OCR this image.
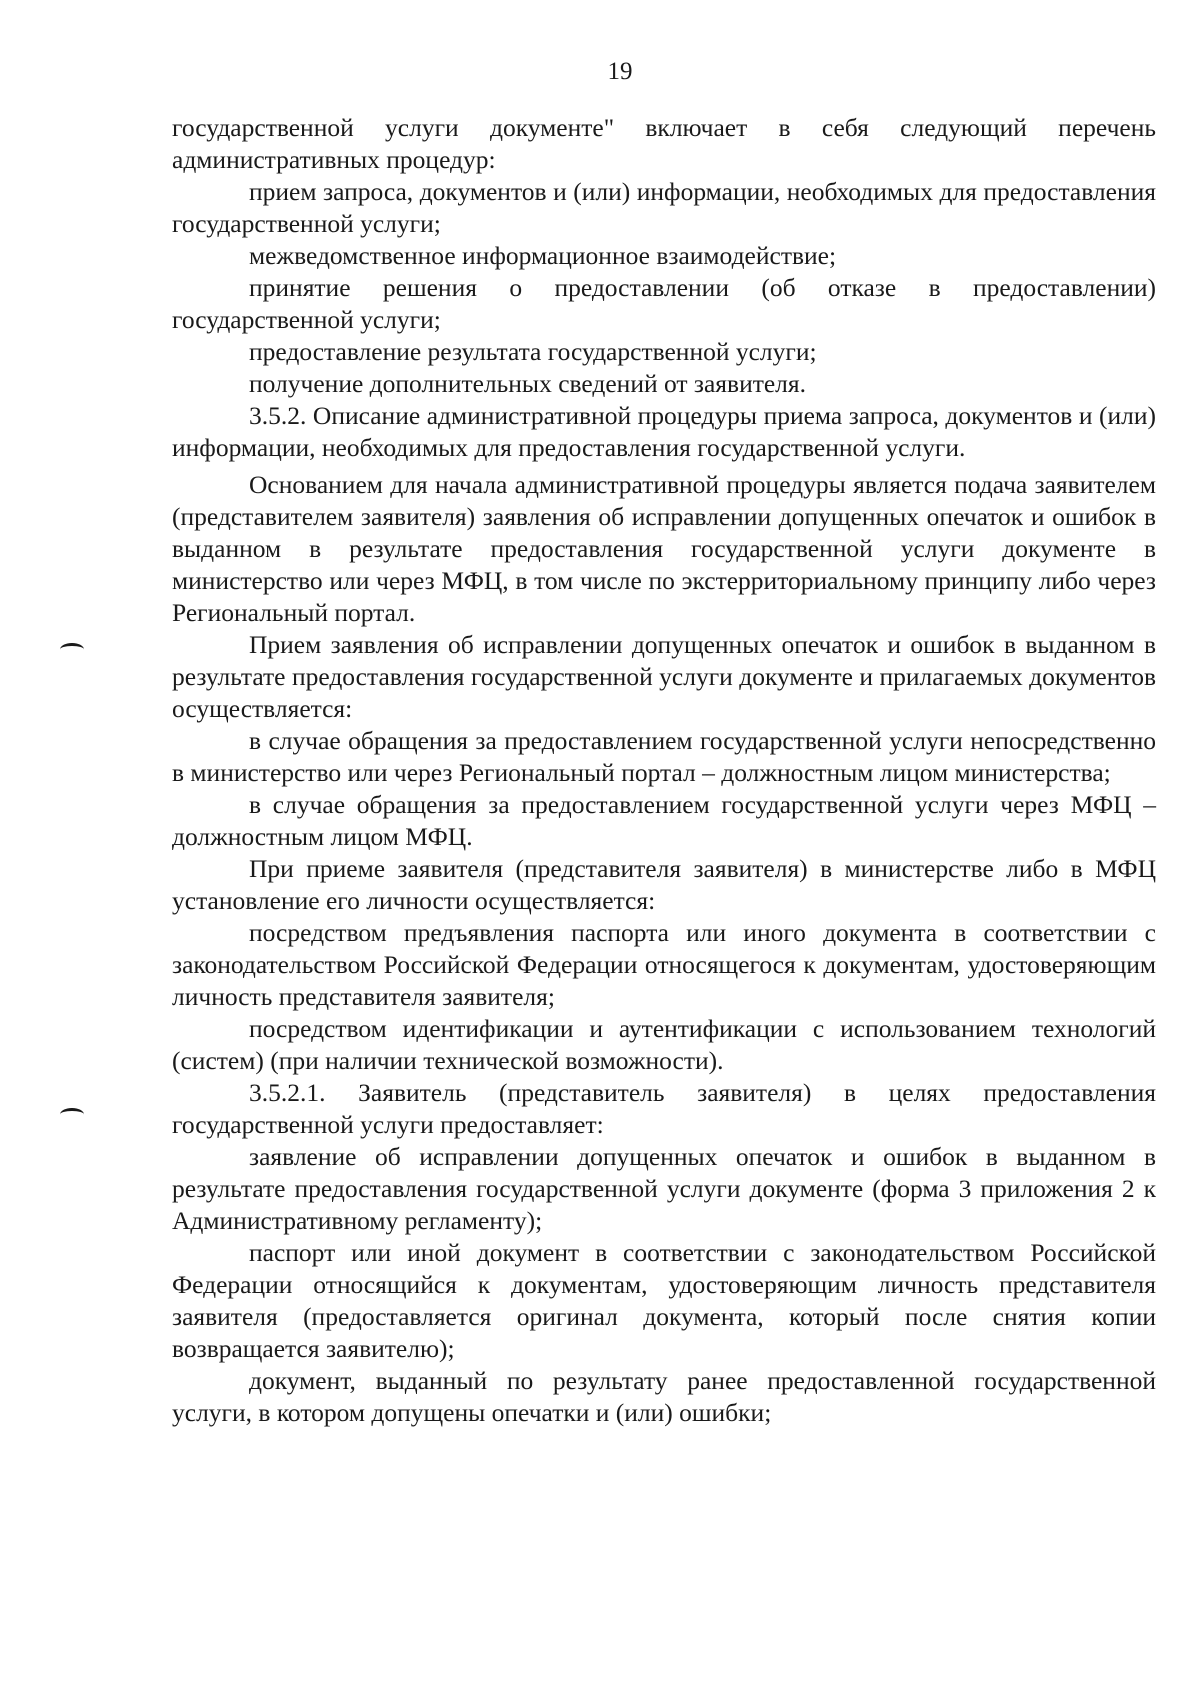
19

государственной услуги документе" включает в себя следующий перечень административных процедур:

прием запроса, документов и (или) информации, необходимых для предоставления государственной услуги;

межведомственное информационное взаимодействие;

принятие решения о предоставлении (об отказе в предоставлении) государственной услуги;

предоставление результата государственной услуги;

получение дополнительных сведений от заявителя.

3.5.2. Описание административной процедуры приема запроса, документов и (или) информации, необходимых для предоставления государственной услуги.

Основанием для начала административной процедуры является подача заявителем (представителем заявителя) заявления об исправлении допущенных опечаток и ошибок в выданном в результате предоставления государственной услуги документе в министерство или через МФЦ, в том числе по экстерриториальному принципу либо через Региональный портал.

Прием заявления об исправлении допущенных опечаток и ошибок в выданном в результате предоставления государственной услуги документе и прилагаемых документов осуществляется:

в случае обращения за предоставлением государственной услуги непосредственно в министерство или через Региональный портал – должностным лицом министерства;

в случае обращения за предоставлением государственной услуги через МФЦ – должностным лицом МФЦ.

При приеме заявителя (представителя заявителя) в министерстве либо в МФЦ установление его личности осуществляется:

посредством предъявления паспорта или иного документа в соответствии с законодательством Российской Федерации относящегося к документам, удостоверяющим личность представителя заявителя;

посредством идентификации и аутентификации с использованием технологий (систем) (при наличии технической возможности).

3.5.2.1. Заявитель (представитель заявителя) в целях предоставления государственной услуги предоставляет:

заявление об исправлении допущенных опечаток и ошибок в выданном в результате предоставления государственной услуги документе (форма 3 приложения 2 к Административному регламенту);

паспорт или иной документ в соответствии с законодательством Российской Федерации относящийся к документам, удостоверяющим личность представителя заявителя (предоставляется оригинал документа, который после снятия копии возвращается заявителю);

документ, выданный по результату ранее предоставленной государственной услуги, в котором допущены опечатки и (или) ошибки;
